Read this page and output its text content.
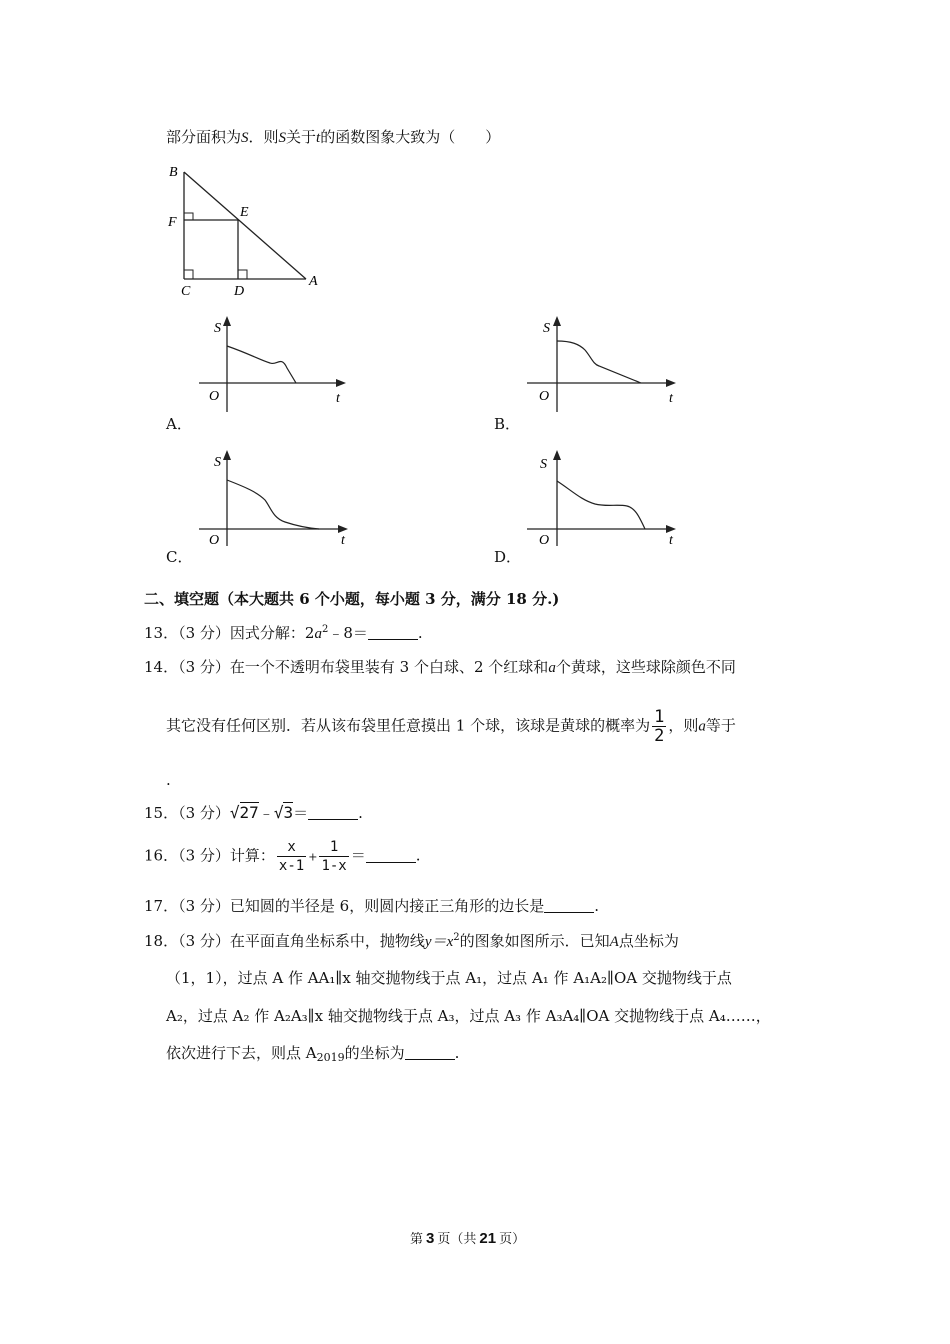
部分面积为S．则S关于t的函数图象大致为（　　）
B
F
E
C	D
A
S
O	t
A．
S
O	t
B．
S
O	t
C．
S
O	t
D．
二、填空题（本大题共 6 个小题，每小题 3 分，满分 18 分.)
13．（3 分）因式分解：$2a^2﹣8=$	.
14．（3 分）在一个不透明布袋里装有 3 个白球、2 个红球和a个黄球，这些球除颜色不同
其它没有任何区别．若从该布袋里任意摸出 1 个球，该球是黄球的概率为 $\frac{1}{2}$ ，则a等于
.
15．（3 分）√27﹣√3＝	.
16．（3 分）计算： $\frac{x}{x-1} + \frac{1}{1-x}$ ＝	.
17．（3 分）已知圆的半径是 6，则圆内接正三角形的边长是	.
18．（3 分）在平面直角坐标系中，抛物线$y=x^2$的图象如图所示．已知A点坐标为
（1，1），过点 A 作 AA₁∥x 轴交抛物线于点 A₁，过点 A₁ 作 A₁A₂∥OA 交抛物线于点
A₂，过点 A₂ 作 A₂A₃∥x 轴交抛物线于点 A₃，过点 A₃ 作 A₃A₄∥OA 交抛物线于点 A₄……，
依次进行下去，则点 $A_{2019}$的坐标为	.
第 3 页（共 21 页）
